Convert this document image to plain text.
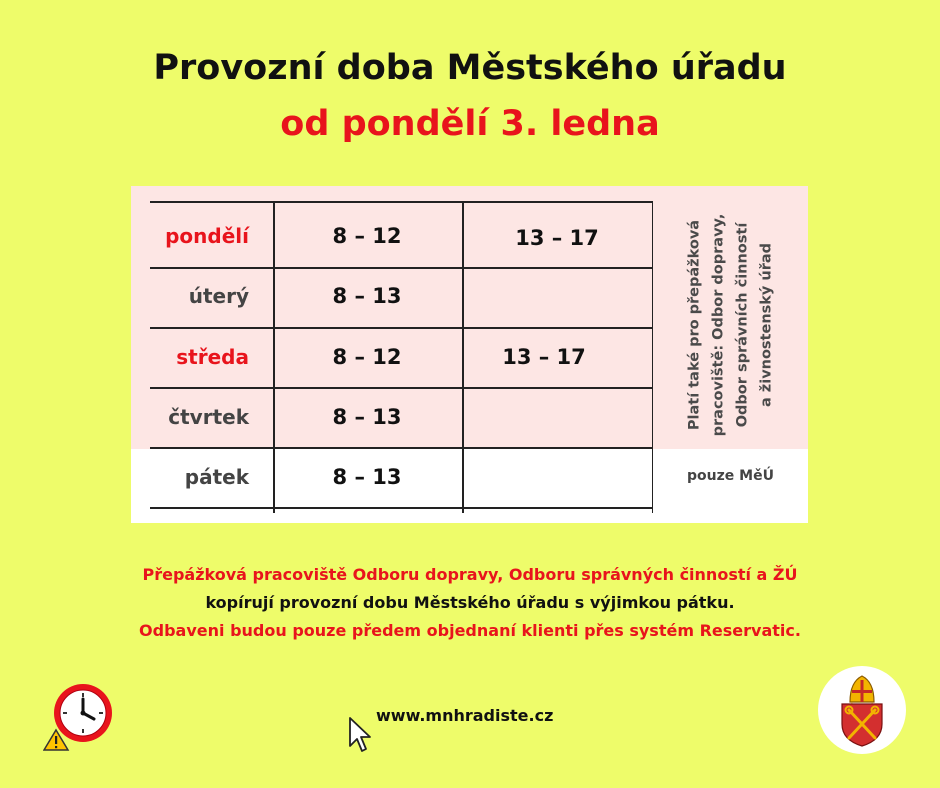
Provozní doba Městského úřadu
od pondělí 3. ledna
pondělí	8 – 12	13 – 17
úterý	8 – 13
středa	8 – 12	13 – 17
čtvrtek	8 – 13
pátek	8 – 13
Platí také pro přepážková pracoviště: Odbor dopravy, Odbor správních činností a živnostenský úřad
pouze MěÚ
Přepážková pracoviště Odboru dopravy, Odboru správných činností a ŽÚ
kopírují provozní dobu Městského úřadu s výjimkou pátku.
Odbaveni budou pouze předem objednaní klienti přes systém Reservatic.
www.mnhradiste.cz
